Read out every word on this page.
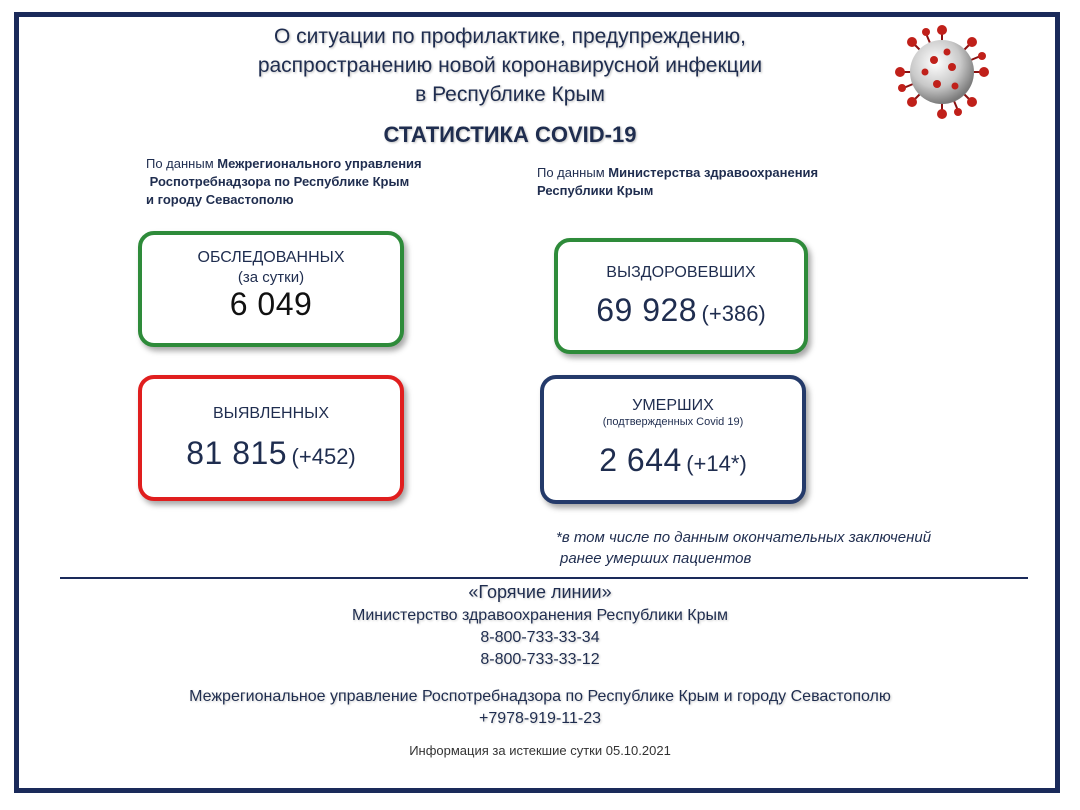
О ситуации по профилактике, предупреждению,
распространению новой коронавирусной инфекции
в Республике Крым
СТАТИСТИКА COVID-19
По данным Межрегионального управления
Роспотребнадзора по Республике Крым
и городу Севастополю
По данным Министерства здравоохранения
Республики Крым
ОБСЛЕДОВАННЫХ
(за сутки)
6 049
ВЫЯВЛЕННЫХ
81 815 (+452)
ВЫЗДОРОВЕВШИХ
69 928 (+386)
УМЕРШИХ
(подтвержденных Covid 19)
2 644 (+14*)
*в том числе по данным окончательных заключений
ранее умерших пациентов
«Горячие линии»
Министерство здравоохранения Республики Крым
8-800-733-33-34
8-800-733-33-12
Межрегиональное управление Роспотребнадзора по Республике Крым и городу Севастополю
+7978-919-11-23
Информация за истекшие сутки 05.10.2021
